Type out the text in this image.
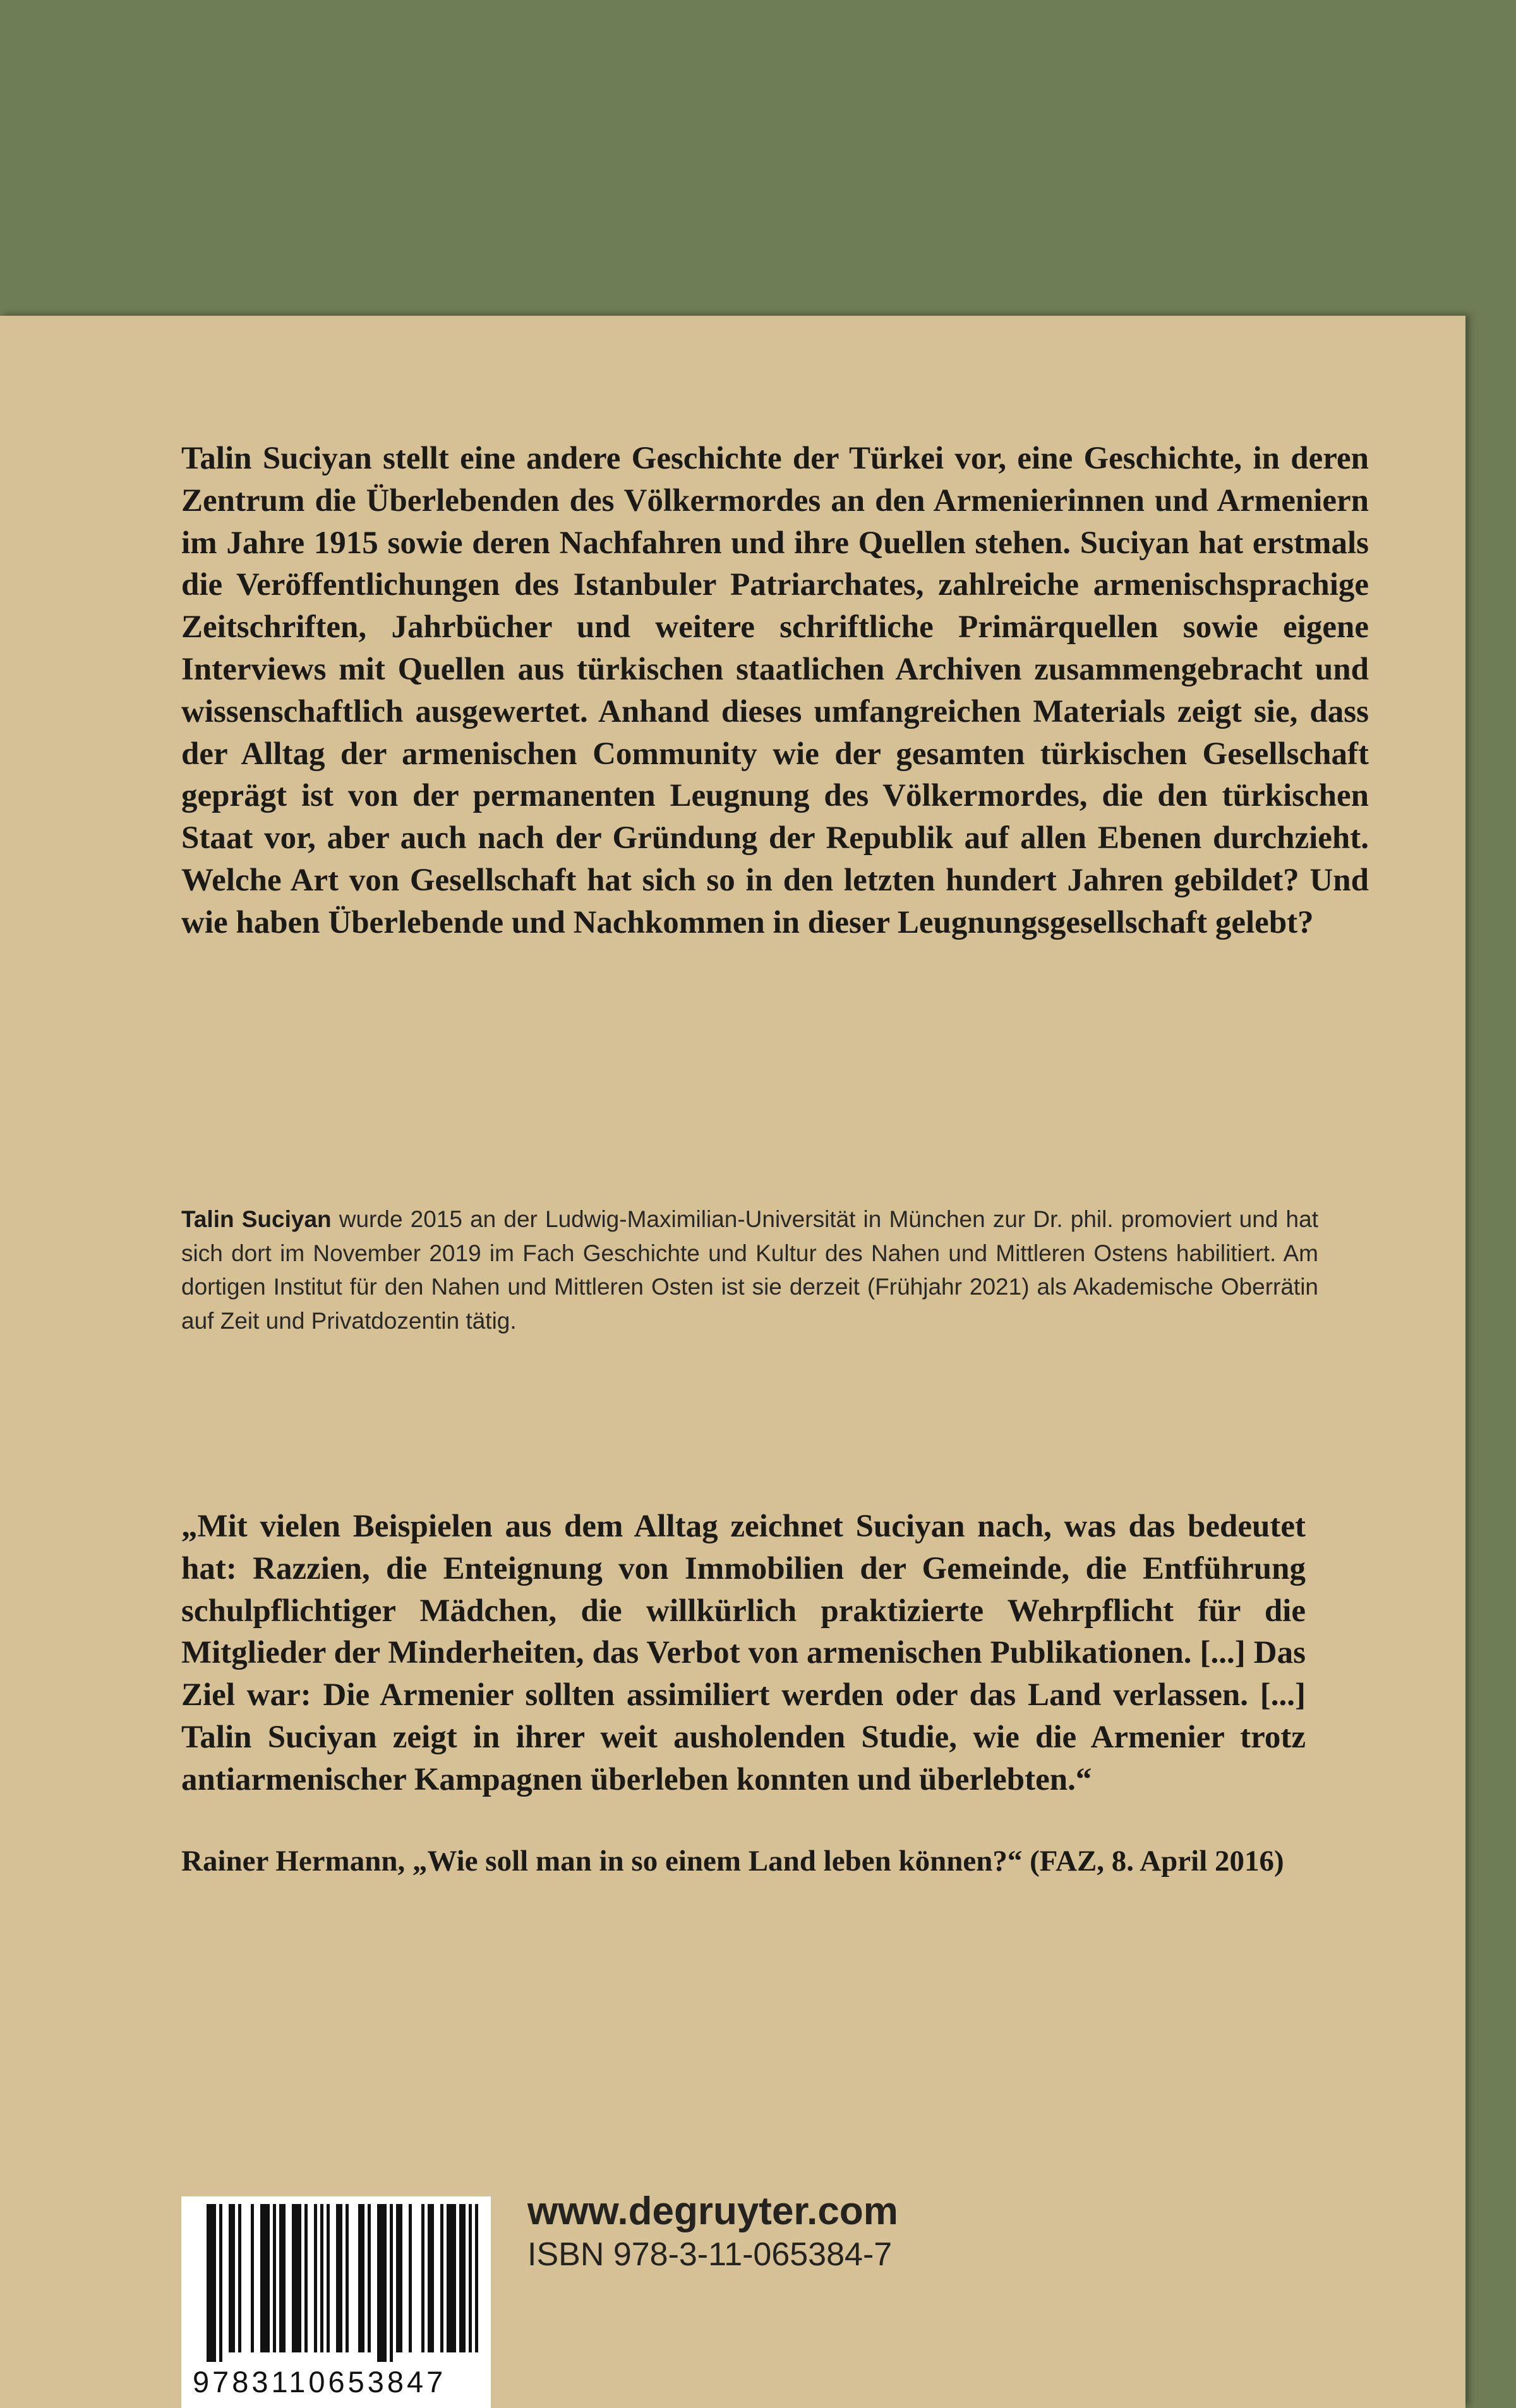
Talin Suciyan stellt eine andere Geschichte der Türkei vor, eine Geschichte, in deren Zentrum die Überlebenden des Völkermordes an den Armenierinnen und Armeniern im Jahre 1915 sowie deren Nachfahren und ihre Quellen stehen. Suciyan hat erstmals die Veröffentlichungen des Istanbuler Patriarchates, zahlreiche armenischsprachige Zeitschriften, Jahrbücher und weitere schriftliche Primärquellen sowie eigene Interviews mit Quellen aus türkischen staatlichen Archiven zusammengebracht und wissenschaftlich ausgewertet. Anhand dieses umfangreichen Materials zeigt sie, dass der Alltag der armenischen Community wie der gesamten türkischen Gesellschaft geprägt ist von der permanenten Leugnung des Völkermordes, die den türkischen Staat vor, aber auch nach der Gründung der Republik auf allen Ebenen durchzieht. Welche Art von Gesellschaft hat sich so in den letzten hundert Jahren gebildet? Und wie haben Überlebende und Nachkommen in dieser Leugnungsgesellschaft gelebt?

Talin Suciyan wurde 2015 an der Ludwig-Maximilian-Universität in München zur Dr. phil. promoviert und hat sich dort im November 2019 im Fach Geschichte und Kultur des Nahen und Mittleren Ostens habilitiert. Am dortigen Institut für den Nahen und Mittleren Osten ist sie derzeit (Frühjahr 2021) als Akademische Oberrätin auf Zeit und Privatdozentin tätig.

„Mit vielen Beispielen aus dem Alltag zeichnet Suciyan nach, was das bedeutet hat: Razzien, die Enteignung von Immobilien der Gemeinde, die Entführung schulpflichtiger Mädchen, die willkürlich praktizierte Wehrpflicht für die Mitglieder der Minderheiten, das Verbot von armenischen Publikationen. [...] Das Ziel war: Die Armenier sollten assimiliert werden oder das Land verlassen. [...] Talin Suciyan zeigt in ihrer weit ausholenden Studie, wie die Armenier trotz antiarmenischer Kampagnen überleben konnten und überlebten.“

Rainer Hermann, „Wie soll man in so einem Land leben können?“ (FAZ, 8. April 2016)

9783110653847
www.degruyter.com
ISBN 978-3-11-065384-7
